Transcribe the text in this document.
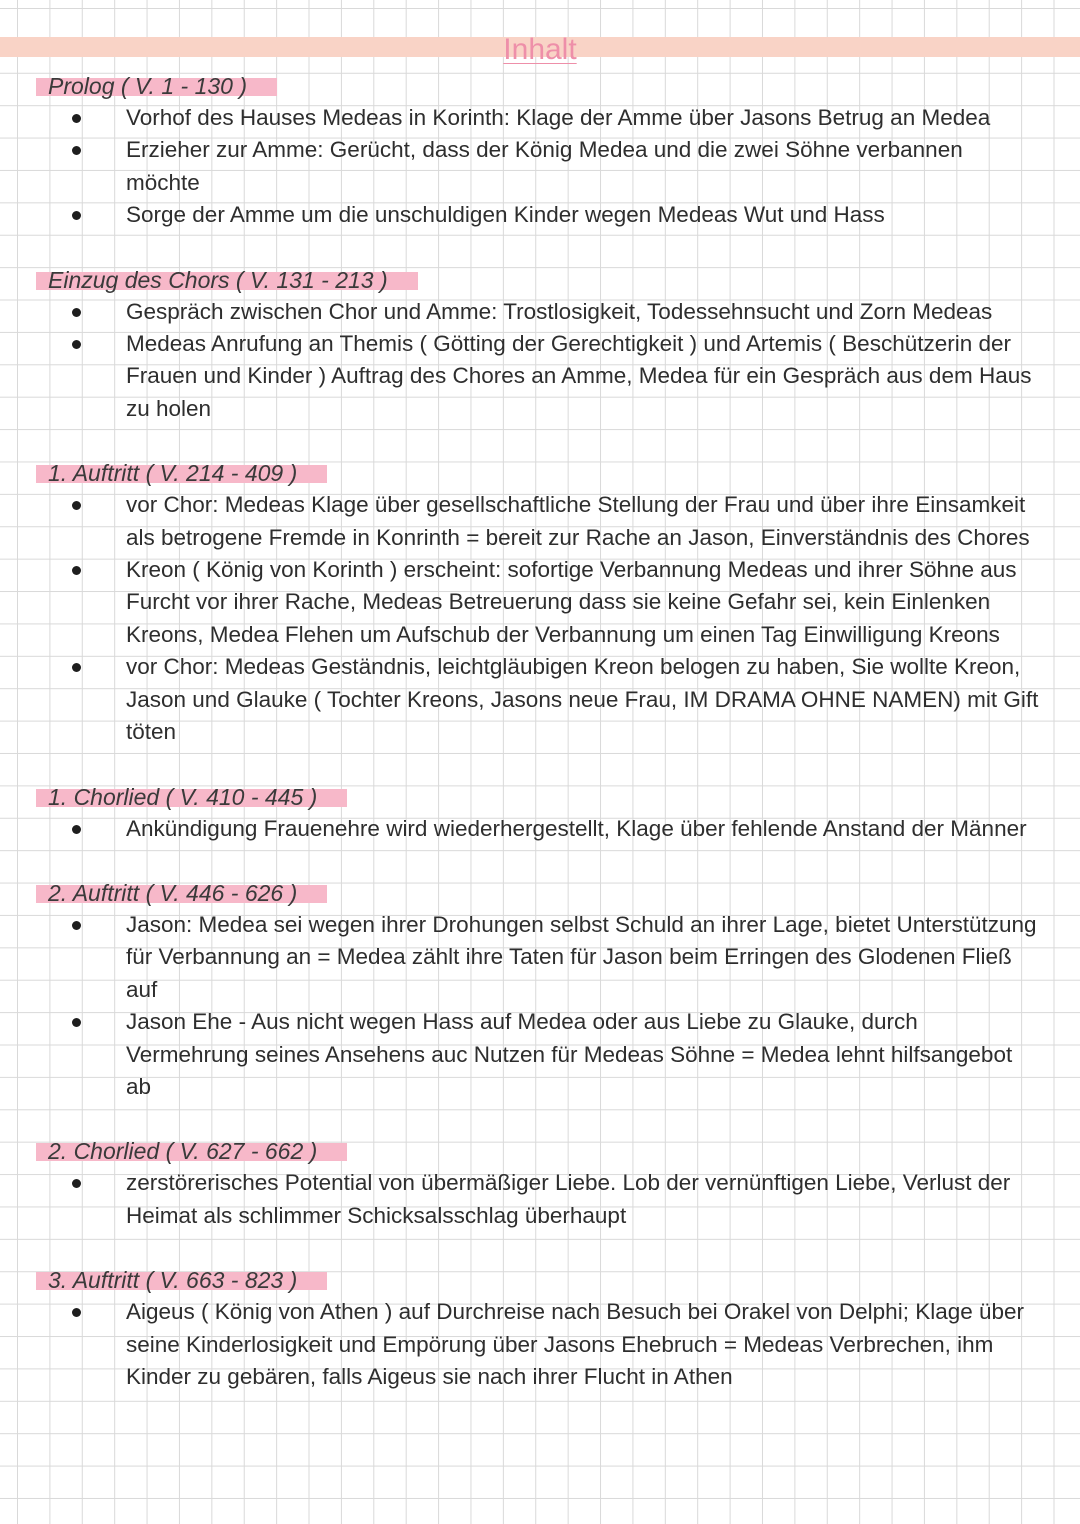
Inhalt
Prolog ( V. 1 - 130 )
Vorhof des Hauses Medeas in Korinth: Klage der Amme über Jasons Betrug an Medea
Erzieher zur Amme: Gerücht, dass der König Medea und die zwei Söhne verbannen möchte
Sorge der Amme um die unschuldigen Kinder wegen Medeas Wut und Hass
Einzug des Chors ( V. 131 - 213 )
Gespräch zwischen Chor und Amme: Trostlosigkeit, Todessehnsucht und Zorn Medeas
Medeas Anrufung an Themis ( Götting der Gerechtigkeit ) und Artemis ( Beschützerin der Frauen und Kinder ) Auftrag des Chores an Amme, Medea für ein Gespräch aus dem Haus zu holen
1. Auftritt ( V. 214 - 409 )
vor Chor: Medeas Klage über gesellschaftliche Stellung der Frau und über ihre Einsamkeit als betrogene Fremde in Konrinth = bereit zur Rache an Jason, Einverständnis des Chores
Kreon ( König von Korinth ) erscheint: sofortige Verbannung Medeas und ihrer Söhne aus Furcht vor ihrer Rache, Medeas Betreuerung dass sie keine Gefahr sei, kein Einlenken Kreons, Medea Flehen um Aufschub der Verbannung um einen Tag Einwilligung Kreons
vor Chor: Medeas Geständnis, leichtgläubigen Kreon belogen zu haben, Sie wollte Kreon, Jason und Glauke ( Tochter Kreons, Jasons neue Frau, IM DRAMA OHNE NAMEN) mit Gift töten
1. Chorlied ( V. 410 - 445 )
Ankündigung Frauenehre wird wiederhergestellt, Klage über fehlende Anstand der Männer
2. Auftritt ( V. 446 - 626 )
Jason: Medea sei wegen ihrer Drohungen selbst Schuld an ihrer Lage, bietet Unterstützung für Verbannung an = Medea zählt ihre Taten für Jason beim Erringen des Glodenen Fließ auf
Jason Ehe - Aus nicht wegen Hass auf Medea oder aus Liebe zu Glauke, durch Vermehrung seines Ansehens auc Nutzen für Medeas Söhne = Medea lehnt hilfsangebot ab
2. Chorlied ( V. 627 - 662 )
zerstörerisches Potential von übermäßiger Liebe. Lob der vernünftigen Liebe, Verlust der Heimat als schlimmer Schicksalsschlag überhaupt
3. Auftritt ( V. 663 - 823 )
Aigeus ( König von Athen ) auf Durchreise nach Besuch bei Orakel von Delphi; Klage über seine Kinderlosigkeit und Empörung über Jasons Ehebruch = Medeas Verbrechen, ihm Kinder zu gebären, falls Aigeus sie nach ihrer Flucht in Athen
